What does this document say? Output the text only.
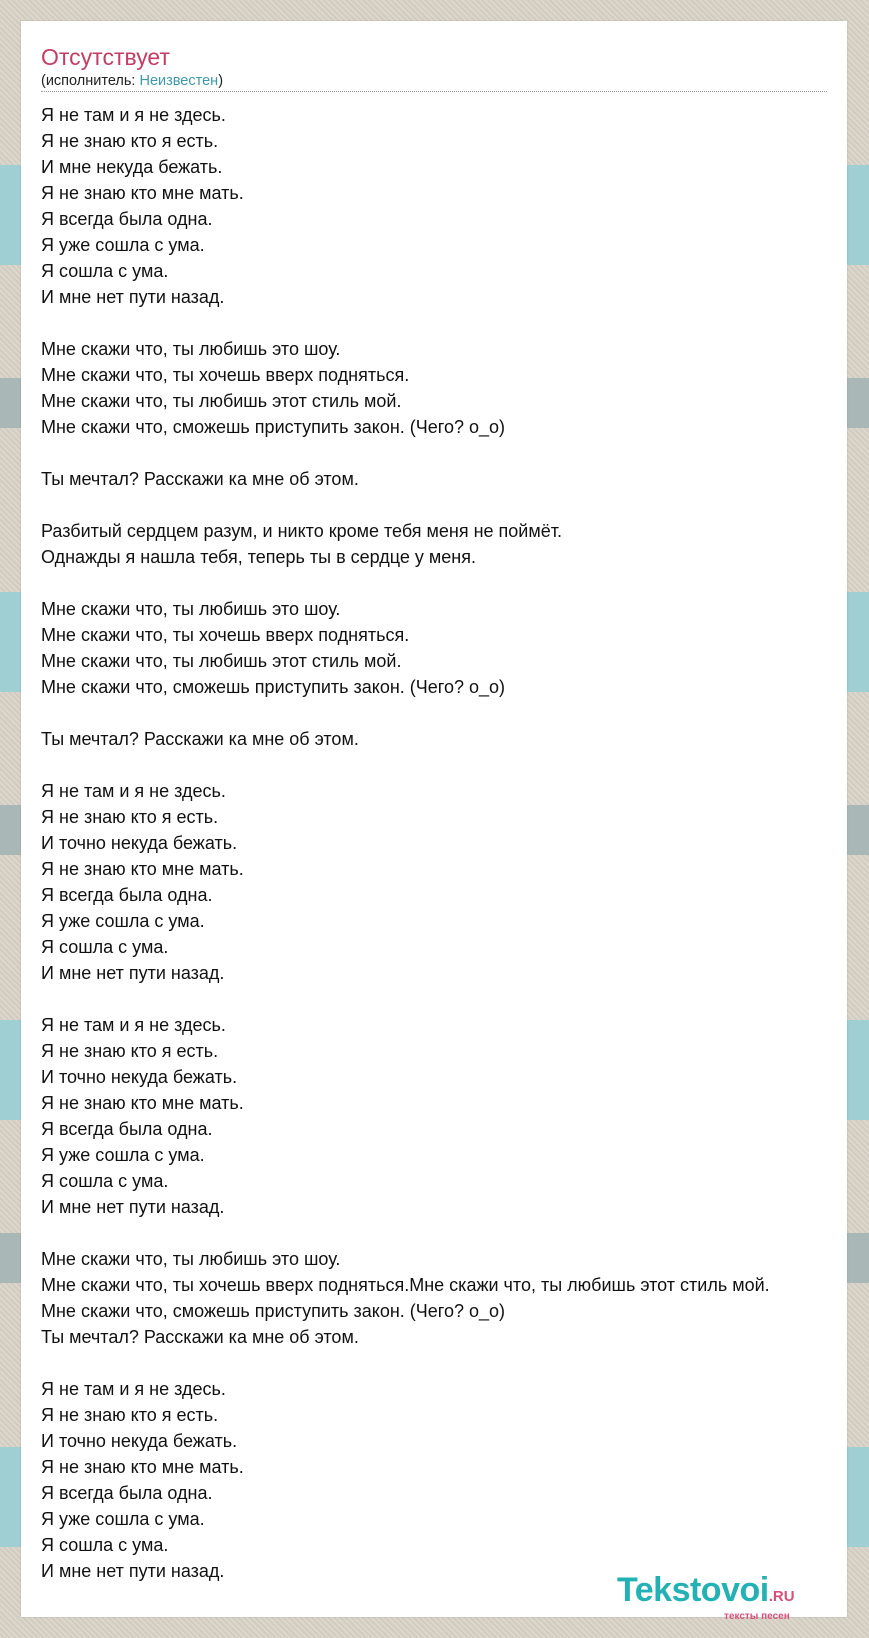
Отсутствует
(исполнитель: Неизвестен)
Я не там и я не здесь.
Я не знаю кто я есть.
И мне некуда бежать.
Я не знаю кто мне мать.
Я всегда была одна.
Я уже сошла с ума.
Я сошла с ума.
И мне нет пути назад.
Мне скажи что, ты любишь это шоу.
Мне скажи что, ты хочешь вверх подняться.
Мне скажи что, ты любишь этот стиль мой.
Мне скажи что, сможешь приступить закон. (Чего? o_o)
Ты мечтал? Расскажи ка мне об этом.
Разбитый сердцем разум, и никто кроме тебя меня не поймёт.
Однажды я нашла тебя, теперь ты в сердце у меня.
Мне скажи что, ты любишь это шоу.
Мне скажи что, ты хочешь вверх подняться.
Мне скажи что, ты любишь этот стиль мой.
Мне скажи что, сможешь приступить закон. (Чего? o_o)
Ты мечтал? Расскажи ка мне об этом.
Я не там и я не здесь.
Я не знаю кто я есть.
И точно некуда бежать.
Я не знаю кто мне мать.
Я всегда была одна.
Я уже сошла с ума.
Я сошла с ума.
И мне нет пути назад.
Я не там и я не здесь.
Я не знаю кто я есть.
И точно некуда бежать.
Я не знаю кто мне мать.
Я всегда была одна.
Я уже сошла с ума.
Я сошла с ума.
И мне нет пути назад.
Мне скажи что, ты любишь это шоу.
Мне скажи что, ты хочешь вверх подняться.Мне скажи что, ты любишь этот стиль мой.
Мне скажи что, сможешь приступить закон. (Чего? o_o)
Ты мечтал? Расскажи ка мне об этом.
Я не там и я не здесь.
Я не знаю кто я есть.
И точно некуда бежать.
Я не знаю кто мне мать.
Я всегда была одна.
Я уже сошла с ума.
Я сошла с ума.
И мне нет пути назад.	Tekstovoi.RU
тексты песен
